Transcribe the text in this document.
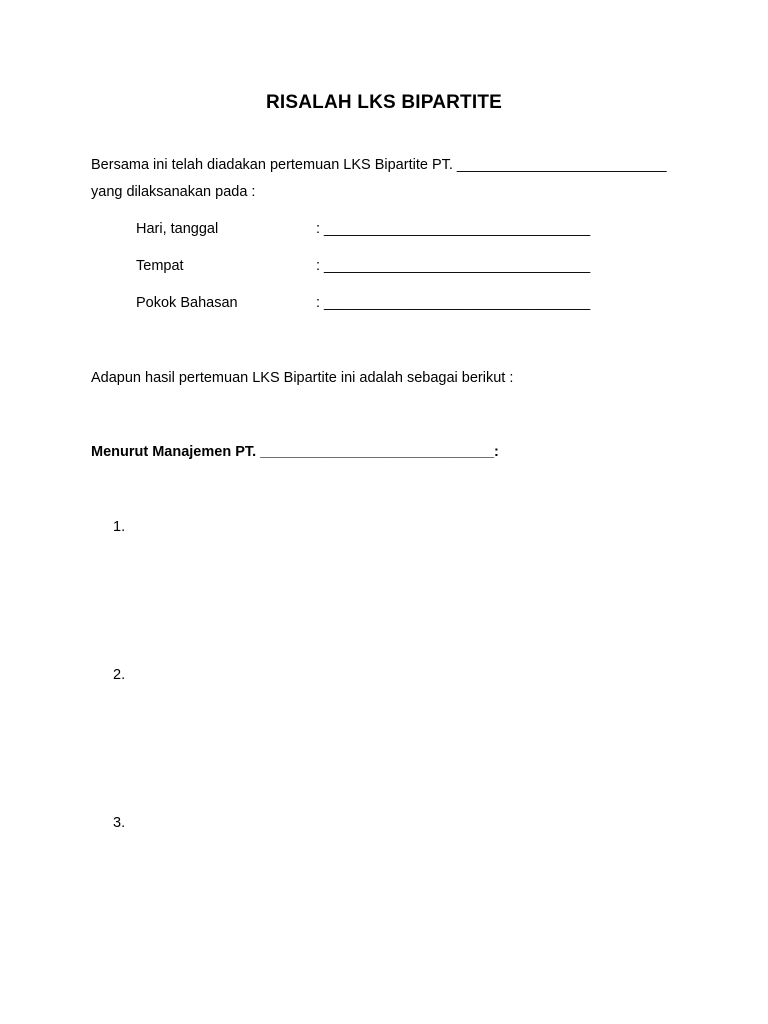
RISALAH LKS BIPARTITE
Bersama ini telah diadakan pertemuan LKS Bipartite PT. __________________________
yang dilaksanakan pada :
Hari, tanggal	: _________________________________
Tempat	: _________________________________
Pokok Bahasan	: _________________________________
Adapun hasil pertemuan LKS Bipartite ini adalah sebagai berikut :
Menurut Manajemen PT. _____________________________:
1.
2.
3.
